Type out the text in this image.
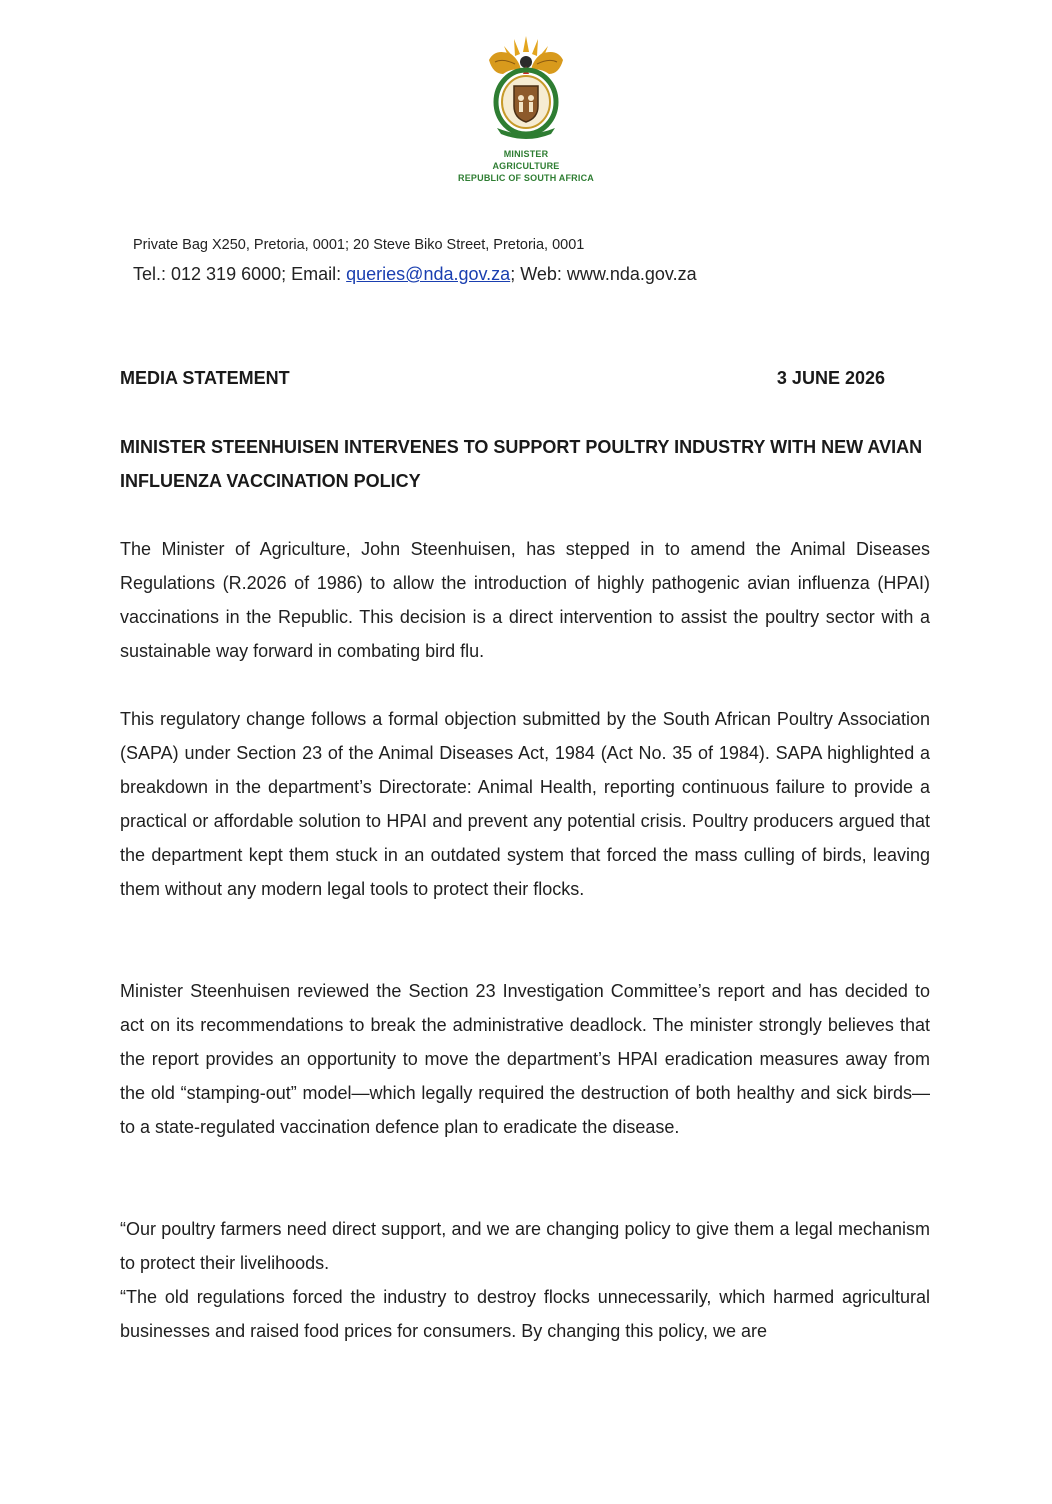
MINISTER
AGRICULTURE
REPUBLIC OF SOUTH AFRICA
Private Bag X250, Pretoria, 0001; 20 Steve Biko Street, Pretoria, 0001
Tel.: 012 319 6000; Email: queries@nda.gov.za; Web: www.nda.gov.za
MEDIA STATEMENT	3 JUNE 2026
MINISTER STEENHUISEN INTERVENES TO SUPPORT POULTRY INDUSTRY WITH NEW AVIAN INFLUENZA VACCINATION POLICY

The Minister of Agriculture, John Steenhuisen, has stepped in to amend the Animal Diseases Regulations (R.2026 of 1986) to allow the introduction of highly pathogenic avian influenza (HPAI) vaccinations in the Republic. This decision is a direct intervention to assist the poultry sector with a sustainable way forward in combating bird flu.

This regulatory change follows a formal objection submitted by the South African Poultry Association (SAPA) under Section 23 of the Animal Diseases Act, 1984 (Act No. 35 of 1984). SAPA highlighted a breakdown in the department’s Directorate: Animal Health, reporting continuous failure to provide a practical or affordable solution to HPAI and prevent any potential crisis. Poultry producers argued that the department kept them stuck in an outdated system that forced the mass culling of birds, leaving them without any modern legal tools to protect their flocks.

Minister Steenhuisen reviewed the Section 23 Investigation Committee’s report and has decided to act on its recommendations to break the administrative deadlock. The minister strongly believes that the report provides an opportunity to move the department’s HPAI eradication measures away from the old “stamping-out” model—which legally required the destruction of both healthy and sick birds—to a state-regulated vaccination defence plan to eradicate the disease.

“Our poultry farmers need direct support, and we are changing policy to give them a legal mechanism to protect their livelihoods.

“The old regulations forced the industry to destroy flocks unnecessarily, which harmed agricultural businesses and raised food prices for consumers. By changing this policy, we are
